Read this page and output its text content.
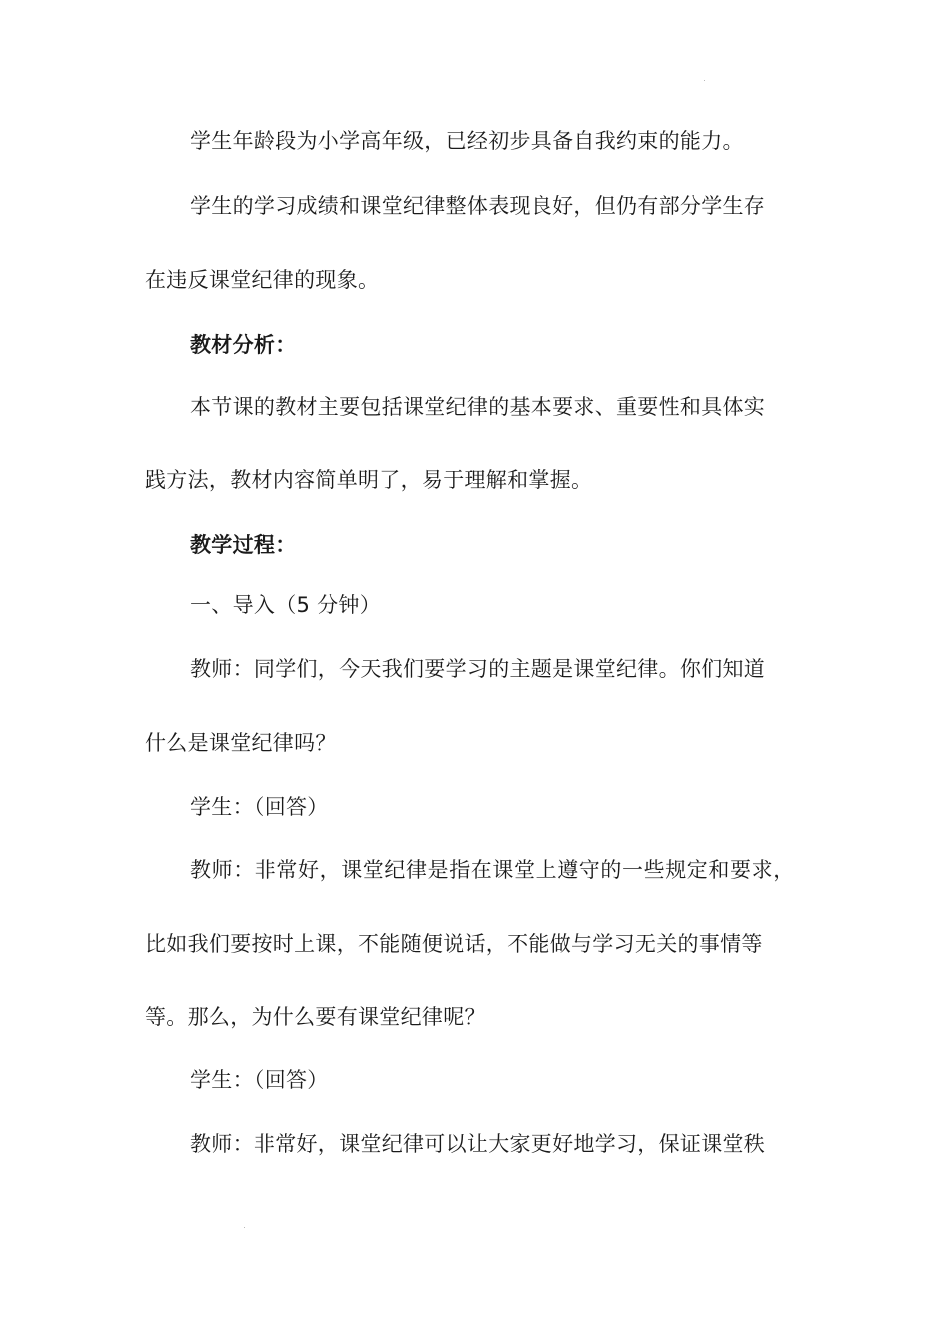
学生年龄段为小学高年级，已经初步具备自我约束的能力。
学生的学习成绩和课堂纪律整体表现良好，但仍有部分学生存
在违反课堂纪律的现象。
教材分析：
本节课的教材主要包括课堂纪律的基本要求、重要性和具体实
践方法，教材内容简单明了，易于理解和掌握。
教学过程：
一、导入（5 分钟）
教师：同学们，今天我们要学习的主题是课堂纪律。你们知道
什么是课堂纪律吗？
学生：（回答）
教师：非常好，课堂纪律是指在课堂上遵守的一些规定和要求，
比如我们要按时上课，不能随便说话，不能做与学习无关的事情等
等。那么，为什么要有课堂纪律呢？
学生：（回答）
教师：非常好，课堂纪律可以让大家更好地学习，保证课堂秩
